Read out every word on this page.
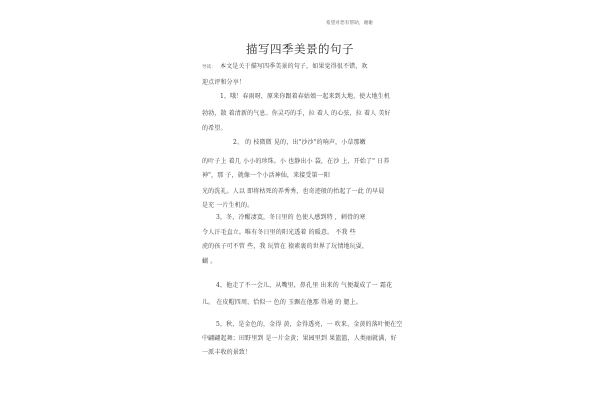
希望对您有帮助，谢谢
描写四季美景的句子
导读： 本文是关于描写四季美景的句子，如果觉得很不错，欢
迎点评和分享！
1，哦！春雨呀，原来你跟着春姑娘一起来到大地，使大地生机
勃勃，散 着清新的气息。你灵巧的手，拉 着人 的心弦，拉 着人 美好
的希望。
2、 的 枝微微 晃的，出"沙沙"的响声，小草那嫩
的叶子上 着几 小小的珍珠。小 也静出小 袋，在沙 上，开始了" 日养
神"，那 子，就像一个小活神仙，来接受第一阳
光的洗礼。人以 即将枯死的养秀秀，也奇迹般的抬起了一此 的早晨
是充 一片生机的。
3，冬，冷醒凄寞，冬日里的 色使人感到特 ，刺骨的寒
令人汗毛直立。唯有冬日里的阳光透着 的暖意。 不我 些
虎的孩子可不管 些，我 玩管在 猿素裹的世界了玩情地玩耍，
蝴 。
4，他走了不一会儿，从嘴里，鼻孔里 出来的 气便凝成了一 霜花
儿。 在皮帽四周，恰似一 色的 玉飘在他那 得通 的 腮上。
5，秋，是金色的，金得 黄，金得透亮，一 吹来，金黄的落叶便在空
中翩翩起舞；田野里到 是一片金黄；果园里到 果篮篮，人类丽就满，好
一派丰收的景致！
